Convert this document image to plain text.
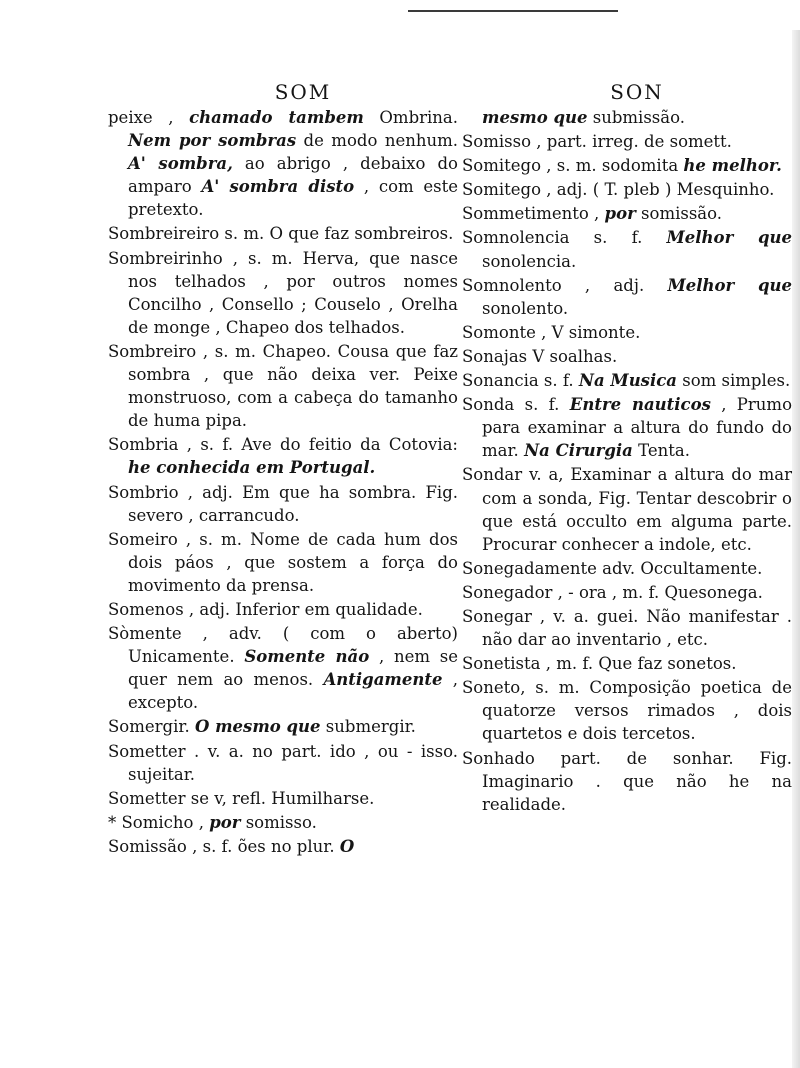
SOM

peixe , chamado tambem Ombrina. Nem por sombras de modo nenhum. A' sombra, ao abrigo , debaixo do amparo A' sombra disto , com este pretexto.

Sombreireiro s. m. O que faz sombreiros.

Sombreirinho , s. m. Herva, que nasce nos telhados , por outros nomes Concilho , Consello ; Couselo , Orelha de monge , Chapeo dos telhados.

Sombreiro , s. m. Chapeo. Cousa que faz sombra , que não deixa ver. Peixe monstruoso, com a cabeça do tamanho de huma pipa.

Sombria , s. f. Ave do feitio da Cotovia: he conhecida em Portugal.

Sombrio , adj. Em que ha sombra. Fig. severo , carrancudo.

Someiro , s. m. Nome de cada hum dos dois páos , que sostem a força do movimento da prensa.

Somenos , adj. Inferior em qualidade.

Sòmente , adv. ( com o aberto) Unicamente. Somente não , nem se quer nem ao menos. Antigamente , excepto.

Somergir. O mesmo que submergir.

Sometter . v. a. no part. ido , ou - isso. sujeitar.

Sometter se v, refl. Humilharse.

* Somicho , por somisso.

Somissão , s. f. ões no plur. O

SON

mesmo que submissão.

Somisso , part. irreg. de somett.

Somitego , s. m. sodomita he melhor.

Somitego , adj. ( T. pleb ) Mesquinho.

Sommetimento , por somissão.

Somnolencia s. f. Melhor que sonolencia.

Somnolento , adj. Melhor que sonolento.

Somonte , V simonte.

Sonajas V soalhas.

Sonancia s. f. Na Musica som simples.

Sonda s. f. Entre nauticos , Prumo para examinar a altura do fundo do mar. Na Cirurgia Tenta.

Sondar v. a, Examinar a altura do mar com a sonda, Fig. Tentar descobrir o que está occulto em alguma parte. Procurar conhecer a indole, etc.

Sonegadamente adv. Occultamente.

Sonegador , - ora , m. f. Quesonega.

Sonegar , v. a. guei. Não manifestar . não dar ao inventario , etc.

Sonetista , m. f. Que faz sonetos.

Soneto, s. m. Composição poetica de quatorze versos rimados , dois quartetos e dois tercetos.

Sonhado part. de sonhar. Fig. Imaginario . que não he na realidade.
